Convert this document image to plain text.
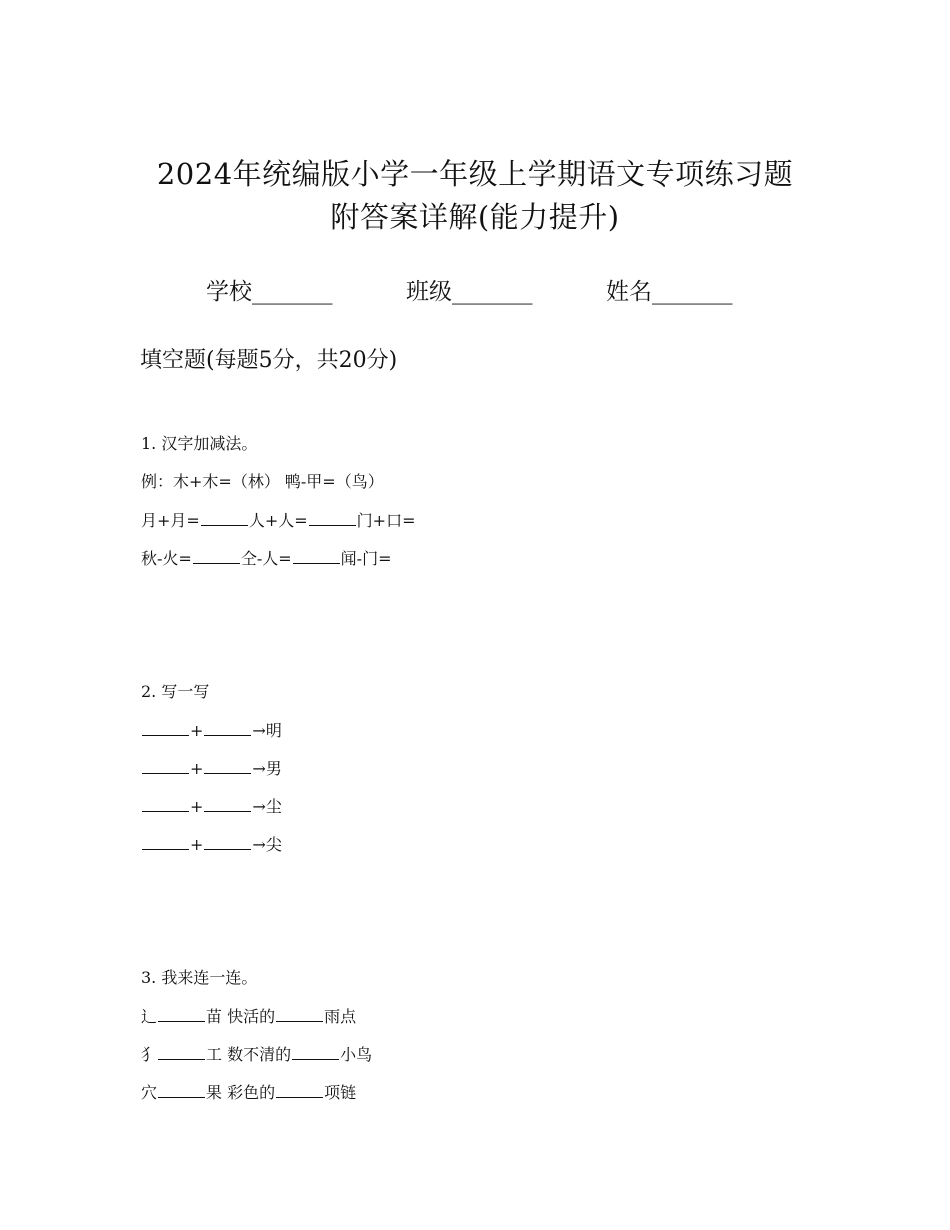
2024年统编版小学一年级上学期语文专项练习题
附答案详解(能力提升)
学校_______	班级_______	姓名_______
填空题(每题5分，共20分)
1. 汉字加减法。
例：木+木=（林） 鸭-甲=（鸟）
月+月=	人+人=	门+口=
秋-火=	仝-人=	闻-门=
2. 写一写
+	→明
+	→男
+	→尘
+	→尖
3. 我来连一连。
辶	苗 快活的	雨点
犭	工 数不清的	小鸟
穴	果 彩色的	项链
